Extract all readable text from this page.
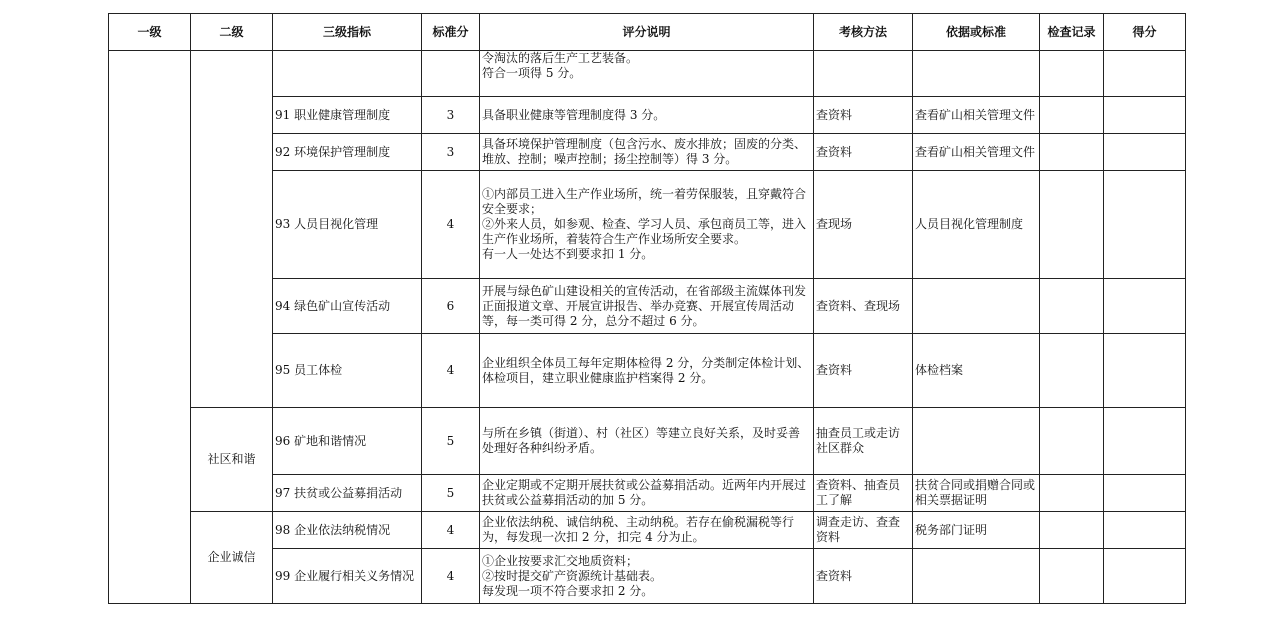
一级	二级	三级指标	标准分	评分说明	考核方法	依据或标准	检查记录	得分
				令淘汰的落后生产工艺装备。
符合一项得 5 分。				
		91 职业健康管理制度	3	具备职业健康等管理制度得 3 分。	查资料	查看矿山相关管理文件		
		92 环境保护管理制度	3	具备环境保护管理制度（包含污水、废水排放；固废的分类、堆放、控制；噪声控制；扬尘控制等）得 3 分。	查资料	查看矿山相关管理文件		
		93 人员目视化管理	4	①内部员工进入生产作业场所，统一着劳保服装，且穿戴符合安全要求；
②外来人员，如参观、检查、学习人员、承包商员工等，进入生产作业场所，着装符合生产作业场所安全要求。
有一人一处达不到要求扣 1 分。	查现场	人员目视化管理制度		
		94 绿色矿山宣传活动	6	开展与绿色矿山建设相关的宣传活动，在省部级主流媒体刊发正面报道文章、开展宣讲报告、举办竞赛、开展宣传周活动等，每一类可得 2 分，总分不超过 6 分。	查资料、查现场			
		95 员工体检	4	企业组织全体员工每年定期体检得 2 分，分类制定体检计划、体检项目，建立职业健康监护档案得 2 分。	查资料	体检档案		
	社区和谐	96 矿地和谐情况	5	与所在乡镇（街道）、村（社区）等建立良好关系，及时妥善处理好各种纠纷矛盾。	抽查员工或走访社区群众			
		97 扶贫或公益募捐活动	5	企业定期或不定期开展扶贫或公益募捐活动。近两年内开展过扶贫或公益募捐活动的加 5 分。	查资料、抽查员工了解	扶贫合同或捐赠合同或相关票据证明		
	企业诚信	98 企业依法纳税情况	4	企业依法纳税、诚信纳税、主动纳税。若存在偷税漏税等行为，每发现一次扣 2 分，扣完 4 分为止。	调查走访、查查资料	税务部门证明		
		99 企业履行相关义务情况	4	①企业按要求汇交地质资料；
②按时提交矿产资源统计基础表。
每发现一项不符合要求扣 2 分。	查资料			
